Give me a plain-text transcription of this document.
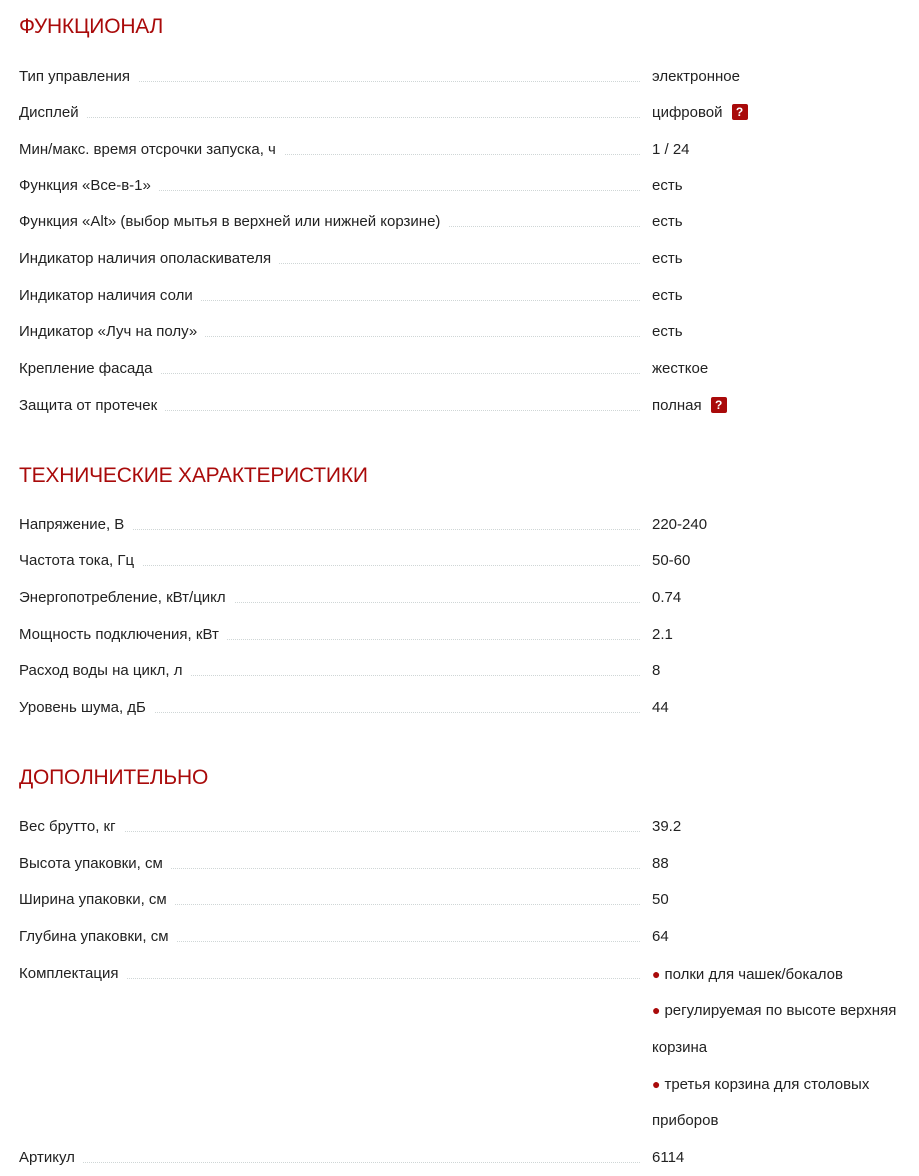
ФУНКЦИОНАЛ
Тип управления	электронное
Дисплей	цифровой ?
Мин/макс. время отсрочки запуска, ч	1 / 24
Функция «Все-в-1»	есть
Функция «Alt» (выбор мытья в верхней или нижней корзине)	есть
Индикатор наличия ополаскивателя	есть
Индикатор наличия соли	есть
Индикатор «Луч на полу»	есть
Крепление фасада	жесткое
Защита от протечек	полная ?
ТЕХНИЧЕСКИЕ ХАРАКТЕРИСТИКИ
Напряжение, В	220-240
Частота тока, Гц	50-60
Энергопотребление, кВт/цикл	0.74
Мощность подключения, кВт	2.1
Расход воды на цикл, л	8
Уровень шума, дБ	44
ДОПОЛНИТЕЛЬНО
Вес брутто, кг	39.2
Высота упаковки, см	88
Ширина упаковки, см	50
Глубина упаковки, см	64
Комплектация	● полки для чашек/бокалов
● регулируемая по высоте верхняя
корзина
● третья корзина для столовых
приборов
Артикул	6114
